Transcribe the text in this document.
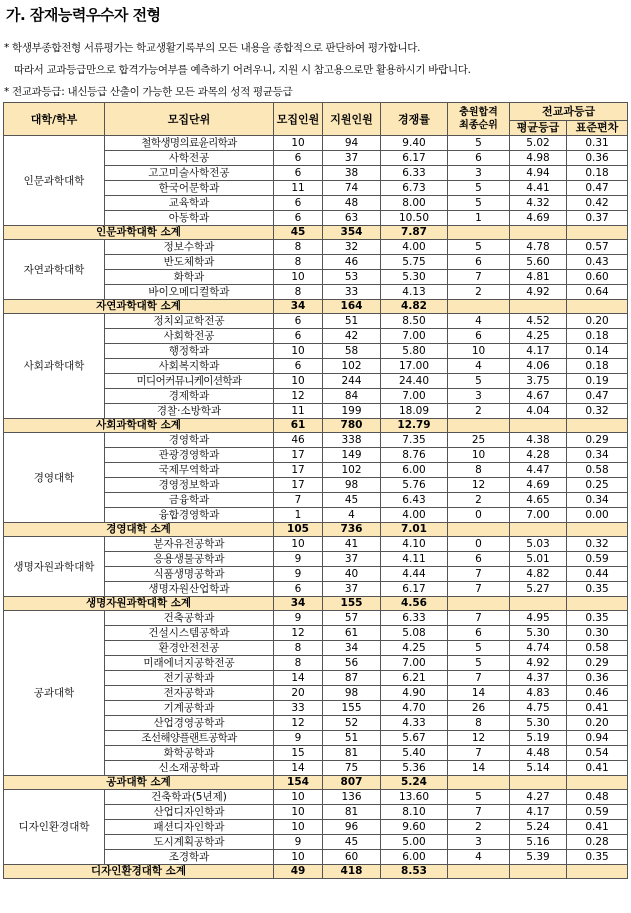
가. 잠재능력우수자 전형
* 학생부종합전형 서류평가는 학교생활기록부의 모든 내용을 종합적으로 판단하여 평가합니다.
따라서 교과등급만으로 합격가능여부를 예측하기 어려우니, 지원 시 참고용으로만 활용하시기 바랍니다.
* 전교과등급: 내신등급 산출이 가능한 모든 과목의 성적 평균등급
대학/학부	모집단위	모집인원	지원인원	경쟁률	충원합격
최종순위	전교과등급	
						평균등급	표준편차
인문과학대학	철학생명의료윤리학과	10	94	9.40	5	5.02	0.31
	사학전공	6	37	6.17	6	4.98	0.36
	고고미술사학전공	6	38	6.33	3	4.94	0.18
	한국어문학과	11	74	6.73	5	4.41	0.47
	교육학과	6	48	8.00	5	4.32	0.42
	아동학과	6	63	10.50	1	4.69	0.37
인문과학대학 소계		45	354	7.87			
자연과학대학	정보수학과	8	32	4.00	5	4.78	0.57
	반도체학과	8	46	5.75	6	5.60	0.43
	화학과	10	53	5.30	7	4.81	0.60
	바이오메디컬학과	8	33	4.13	2	4.92	0.64
자연과학대학 소계		34	164	4.82			
사회과학대학	정치외교학전공	6	51	8.50	4	4.52	0.20
	사회학전공	6	42	7.00	6	4.25	0.18
	행정학과	10	58	5.80	10	4.17	0.14
	사회복지학과	6	102	17.00	4	4.06	0.18
	미디어커뮤니케이션학과	10	244	24.40	5	3.75	0.19
	경제학과	12	84	7.00	3	4.67	0.47
	경찰·소방학과	11	199	18.09	2	4.04	0.32
사회과학대학 소계		61	780	12.79			
경영대학	경영학과	46	338	7.35	25	4.38	0.29
	관광경영학과	17	149	8.76	10	4.28	0.34
	국제무역학과	17	102	6.00	8	4.47	0.58
	경영정보학과	17	98	5.76	12	4.69	0.25
	금융학과	7	45	6.43	2	4.65	0.34
	융합경영학과	1	4	4.00	0	7.00	0.00
경영대학 소계		105	736	7.01			
생명자원과학대학	분자유전공학과	10	41	4.10	0	5.03	0.32
	응용생물공학과	9	37	4.11	6	5.01	0.59
	식품생명공학과	9	40	4.44	7	4.82	0.44
	생명자원산업학과	6	37	6.17	7	5.27	0.35
생명자원과학대학 소계		34	155	4.56			
공과대학	건축공학과	9	57	6.33	7	4.95	0.35
	건설시스템공학과	12	61	5.08	6	5.30	0.30
	환경안전전공	8	34	4.25	5	4.74	0.58
	미래에너지공학전공	8	56	7.00	5	4.92	0.29
	전기공학과	14	87	6.21	7	4.37	0.36
	전자공학과	20	98	4.90	14	4.83	0.46
	기계공학과	33	155	4.70	26	4.75	0.41
	산업경영공학과	12	52	4.33	8	5.30	0.20
	조선해양플랜트공학과	9	51	5.67	12	5.19	0.94
	화학공학과	15	81	5.40	7	4.48	0.54
	신소재공학과	14	75	5.36	14	5.14	0.41
공과대학 소계		154	807	5.24			
디자인환경대학	건축학과(5년제)	10	136	13.60	5	4.27	0.48
	산업디자인학과	10	81	8.10	7	4.17	0.59
	패션디자인학과	10	96	9.60	2	5.24	0.41
	도시계획공학과	9	45	5.00	3	5.16	0.28
	조경학과	10	60	6.00	4	5.39	0.35
디자인환경대학 소계		49	418	8.53			
